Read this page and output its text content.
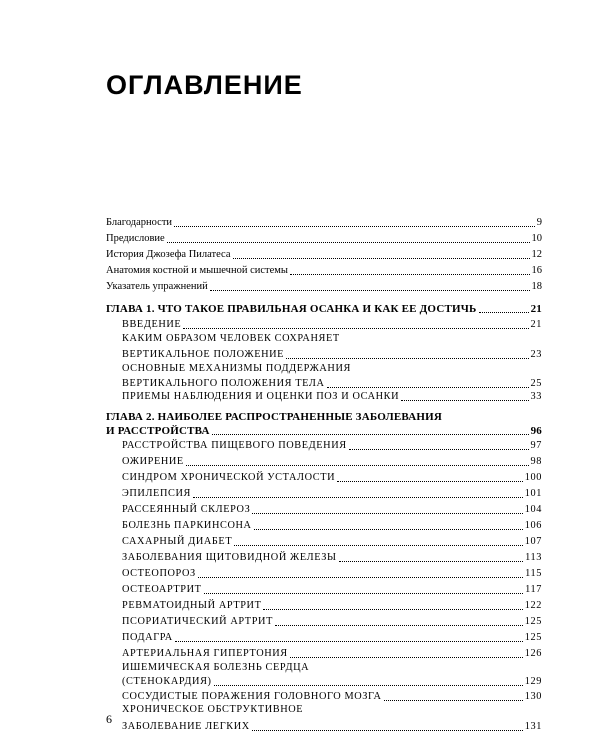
ОГЛАВЛЕНИЕ
Благодарности	9
Предисловие	10
История Джозефа Пилатеса	12
Анатомия костной и мышечной системы	16
Указатель упражнений	18
ГЛАВА 1. ЧТО ТАКОЕ ПРАВИЛЬНАЯ ОСАНКА И КАК ЕЕ ДОСТИЧЬ	21
ВВЕДЕНИЕ	21
КАКИМ ОБРАЗОМ ЧЕЛОВЕК СОХРАНЯЕТ
ВЕРТИКАЛЬНОЕ ПОЛОЖЕНИЕ	23
ОСНОВНЫЕ МЕХАНИЗМЫ ПОДДЕРЖАНИЯ
ВЕРТИКАЛЬНОГО ПОЛОЖЕНИЯ ТЕЛА	25
ПРИЕМЫ НАБЛЮДЕНИЯ И ОЦЕНКИ ПОЗ И ОСАНКИ	33
ГЛАВА 2. НАИБОЛЕЕ РАСПРОСТРАНЕННЫЕ ЗАБОЛЕВАНИЯ
И РАССТРОЙСТВА	96
РАССТРОЙСТВА ПИЩЕВОГО ПОВЕДЕНИЯ	97
ОЖИРЕНИЕ	98
СИНДРОМ ХРОНИЧЕСКОЙ УСТАЛОСТИ	100
ЭПИЛЕПСИЯ	101
РАССЕЯННЫЙ СКЛЕРОЗ	104
БОЛЕЗНЬ ПАРКИНСОНА	106
САХАРНЫЙ ДИАБЕТ	107
ЗАБОЛЕВАНИЯ ЩИТОВИДНОЙ ЖЕЛЕЗЫ	113
ОСТЕОПОРОЗ	115
ОСТЕОАРТРИТ	117
РЕВМАТОИДНЫЙ АРТРИТ	122
ПСОРИАТИЧЕСКИЙ АРТРИТ	125
ПОДАГРА	125
АРТЕРИАЛЬНАЯ ГИПЕРТОНИЯ	126
ИШЕМИЧЕСКАЯ БОЛЕЗНЬ СЕРДЦА
(СТЕНОКАРДИЯ)	129
СОСУДИСТЫЕ ПОРАЖЕНИЯ ГОЛОВНОГО МОЗГА	130
ХРОНИЧЕСКОЕ ОБСТРУКТИВНОЕ
ЗАБОЛЕВАНИЕ ЛЕГКИХ	131
6
